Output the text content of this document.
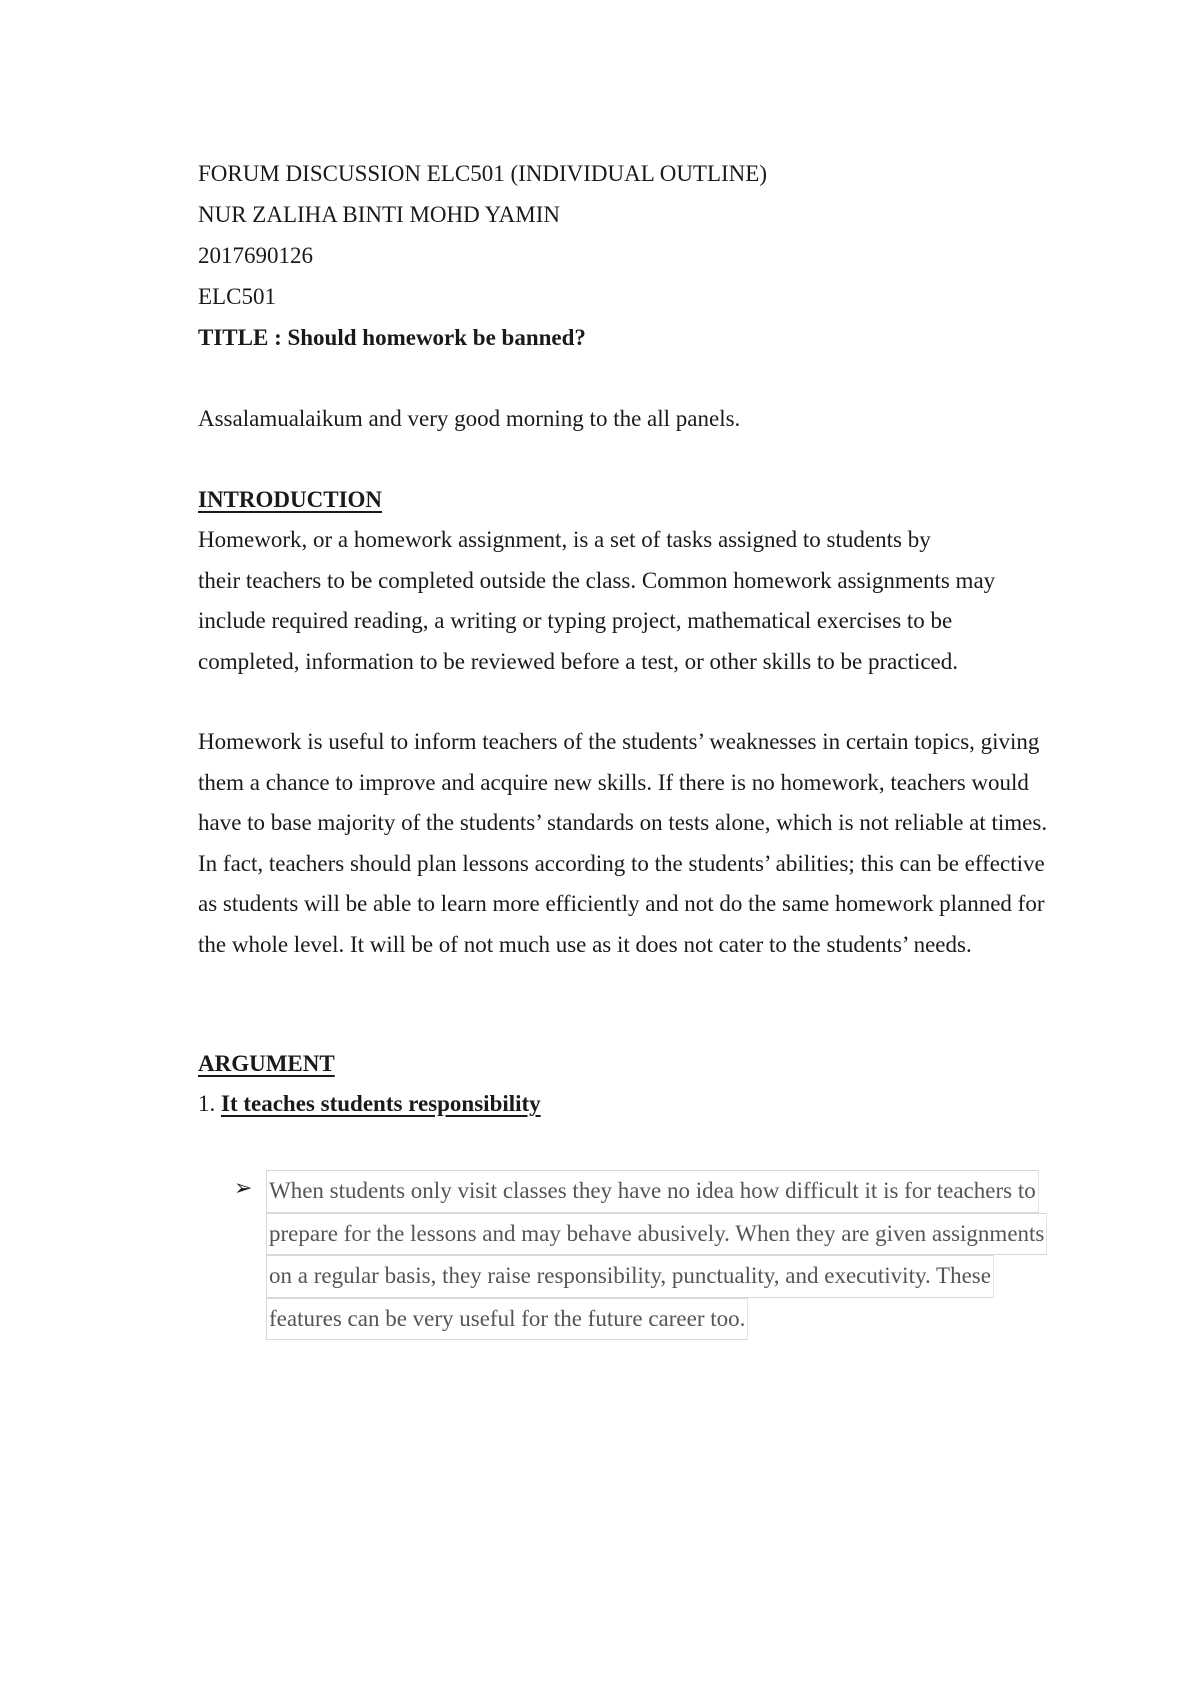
FORUM DISCUSSION ELC501 (INDIVIDUAL OUTLINE)
NUR ZALIHA BINTI MOHD YAMIN
2017690126
ELC501
TITLE : Should homework be banned?
Assalamualaikum and very good morning to the all panels.
INTRODUCTION
Homework, or a homework assignment, is a set of tasks assigned to students by
their teachers to be completed outside the class. Common homework assignments may
include required reading, a writing or typing project, mathematical exercises to be
completed, information to be reviewed before a test, or other skills to be practiced.
Homework is useful to inform teachers of the students’ weaknesses in certain topics, giving
them a chance to improve and acquire new skills. If there is no homework, teachers would
have to base majority of the students’ standards on tests alone, which is not reliable at times.
In fact, teachers should plan lessons according to the students’ abilities; this can be effective
as students will be able to learn more efficiently and not do the same homework planned for
the whole level. It will be of not much use as it does not cater to the students’ needs.
ARGUMENT
1. It teaches students responsibility
➢ When students only visit classes they have no idea how difficult it is for teachers to
prepare for the lessons and may behave abusively. When they are given assignments
on a regular basis, they raise responsibility, punctuality, and executivity. These
features can be very useful for the future career too.
